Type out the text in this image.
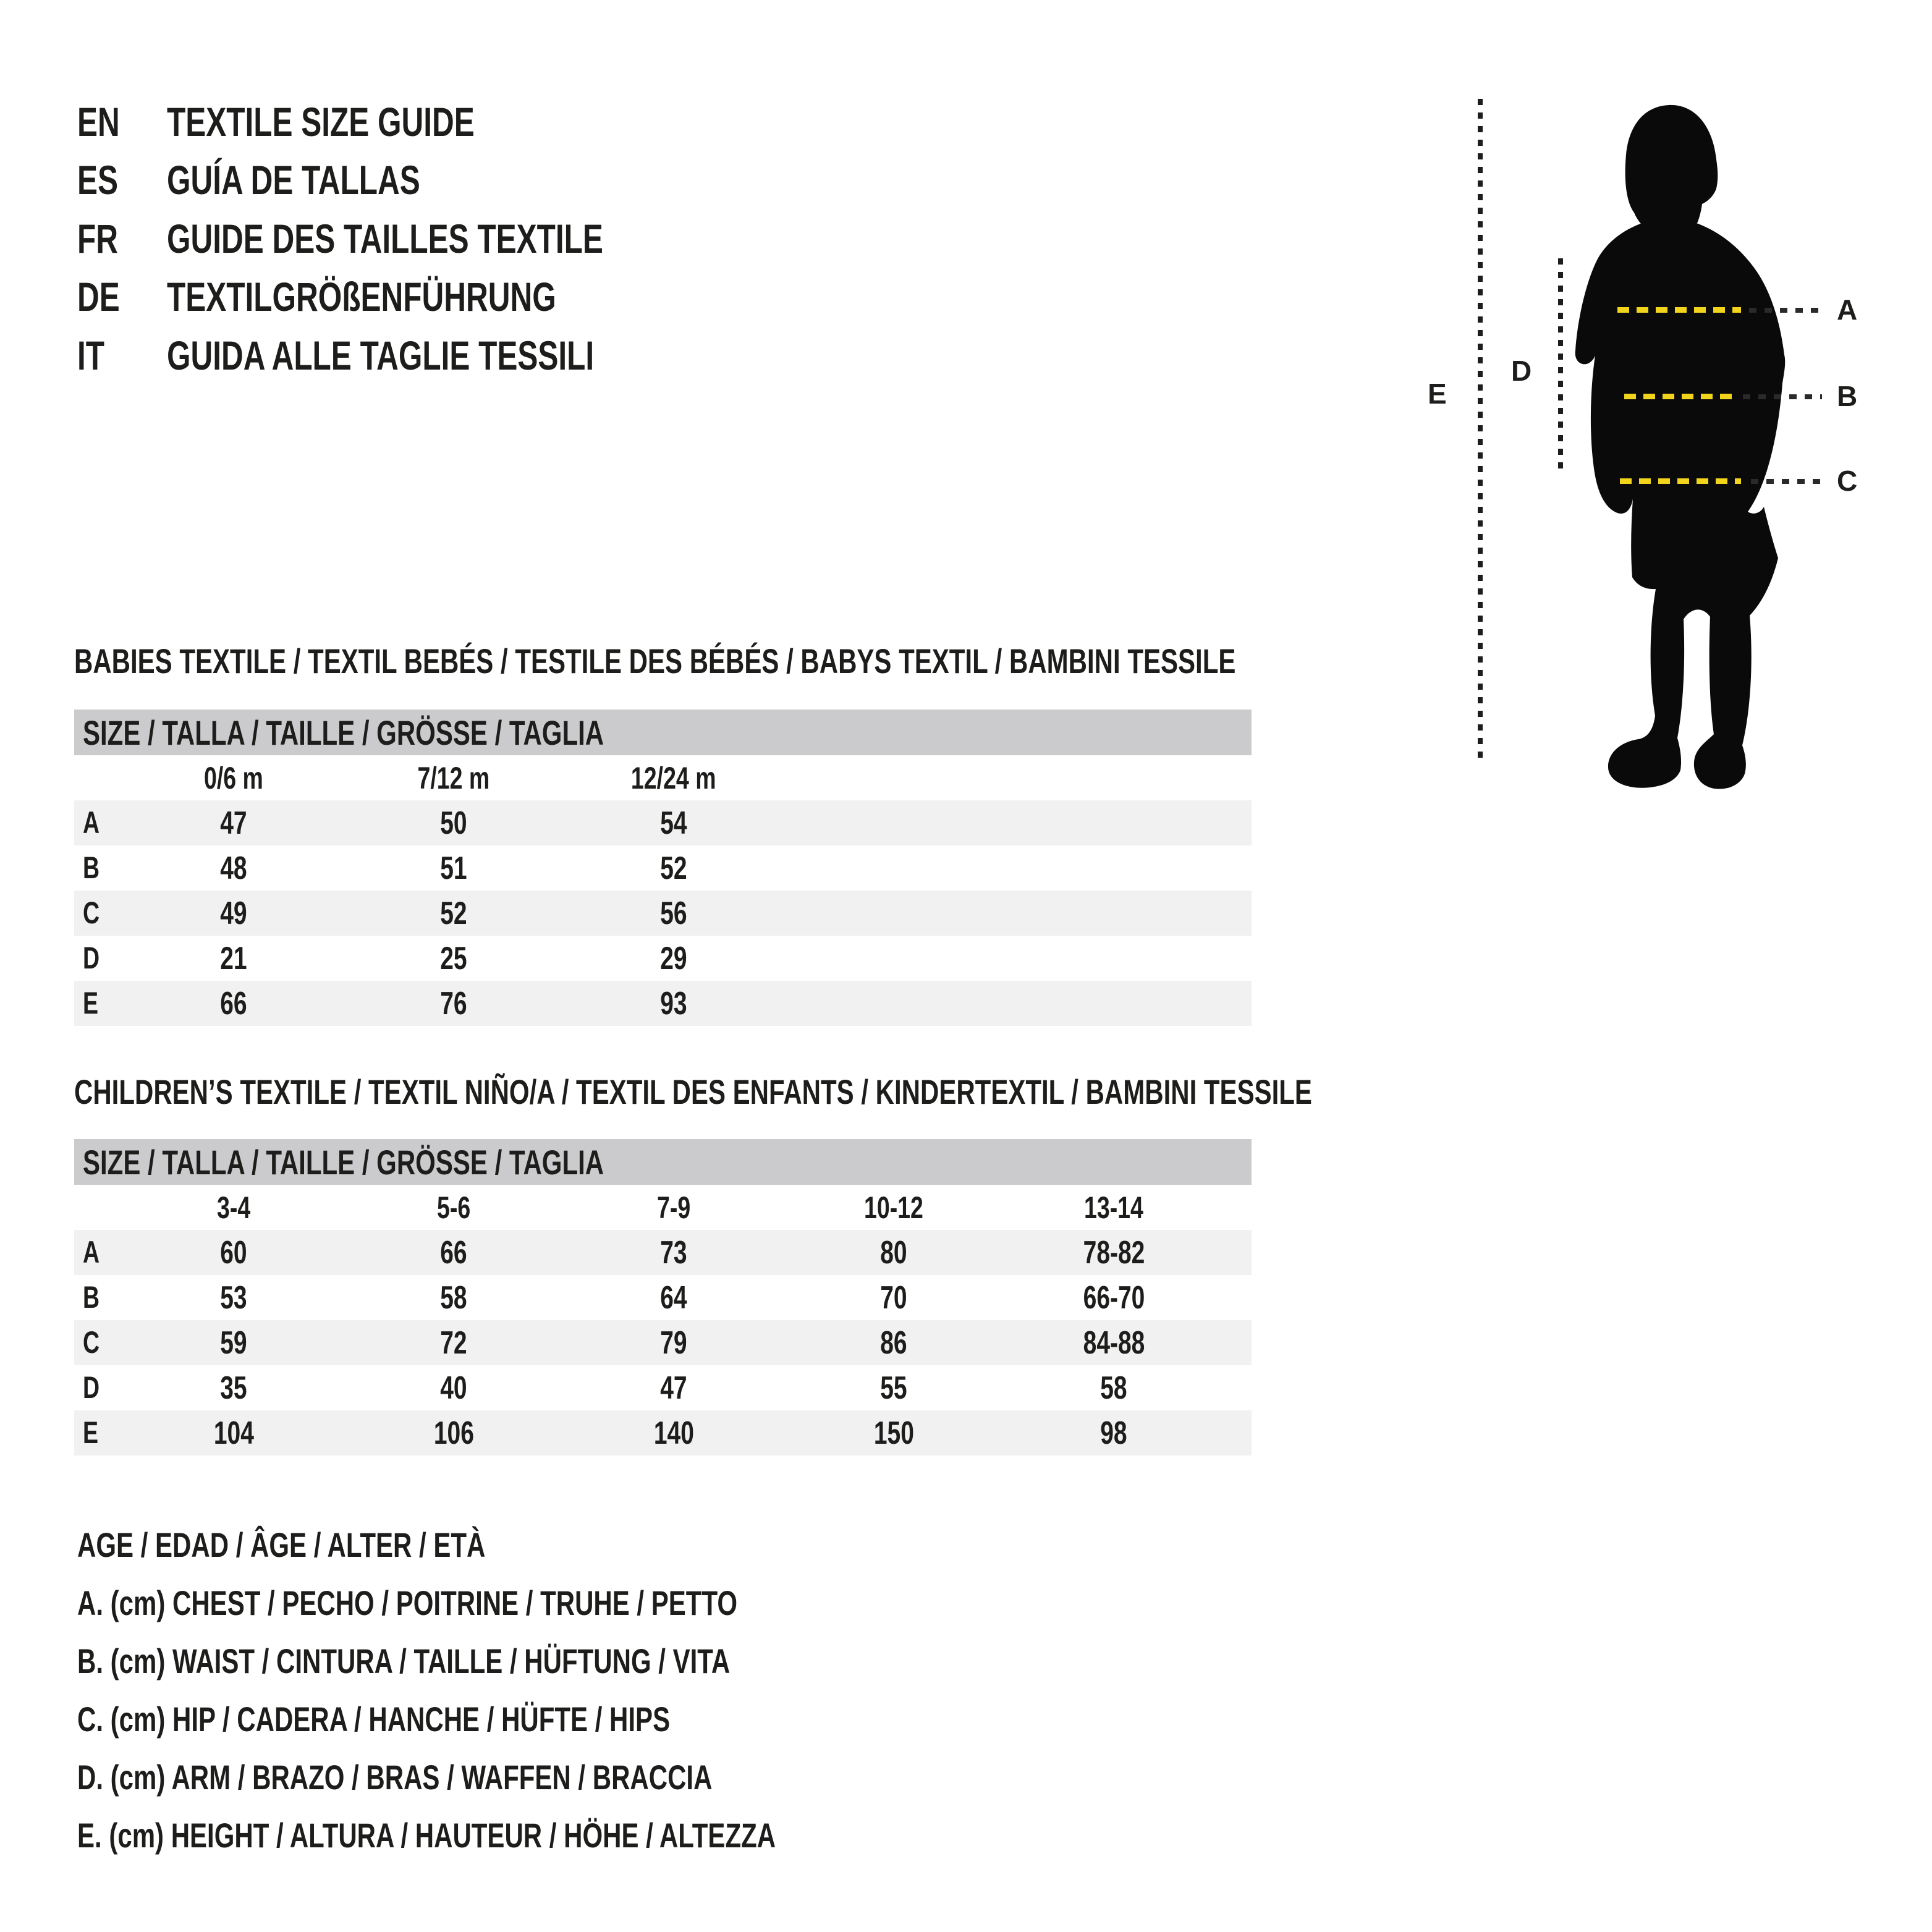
EN	TEXTILE SIZE GUIDE
ES	GUÍA DE TALLAS
FR	GUIDE DES TAILLES TEXTILE
DE	TEXTILGRÖßENFÜHRUNG
IT GUIDA ALLE TAGLIE TESSILI
A
B
C
D
E
BABIES TEXTILE / TEXTIL BEBÉS / TESTILE DES BÉBÉS / BABYS TEXTIL / BAMBINI TESSILE
SIZE / TALLA / TAILLE / GRÖSSE / TAGLIA
0/6 m	7/12 m	12/24 m
A	47	50	54
B	48	51	52
C	49	52	56
D	21	25	29
E	66	76	93
CHILDREN’S TEXTILE / TEXTIL NIÑO/A / TEXTIL DES ENFANTS / KINDERTEXTIL / BAMBINI TESSILE
SIZE / TALLA / TAILLE / GRÖSSE / TAGLIA
3-4	5-6	7-9	10-12	13-14
A	60	66	73	80	78-82
B	53	58	64	70	66-70
C	59	72	79	86	84-88
D	35	40	47	55	58
E	104	106	140	150	98
AGE / EDAD / ÂGE / ALTER / ETÀ
A. (cm) CHEST / PECHO / POITRINE / TRUHE / PETTO
B. (cm) WAIST / CINTURA / TAILLE / HÜFTUNG / VITA
C. (cm) HIP / CADERA / HANCHE / HÜFTE / HIPS
D. (cm) ARM / BRAZO / BRAS / WAFFEN / BRACCIA
E. (cm) HEIGHT / ALTURA / HAUTEUR / HÖHE / ALTEZZA
